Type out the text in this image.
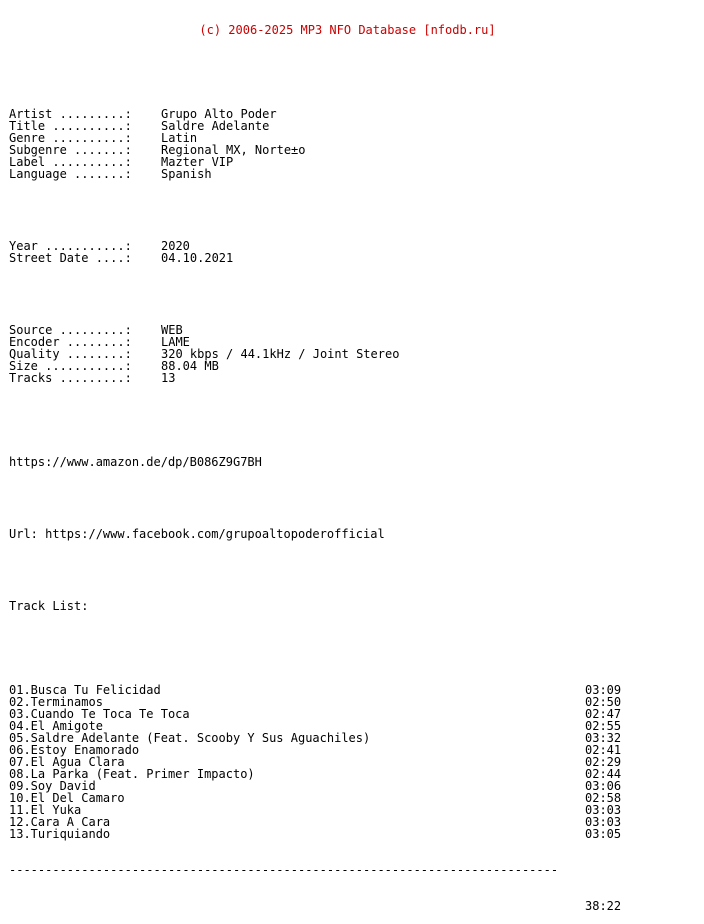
(c) 2006-2025 MP3 NFO Database [nfodb.ru]

Artist .........:	Grupo Alto Poder
Title ..........:	Saldre Adelante
Genre ..........:	Latin
Subgenre .......:	Regional MX, Norte±o
Label ..........:	Mazter VIP
Language .......:	Spanish

Year ...........:	2020
Street Date ....:	04.10.2021

Source .........:	WEB
Encoder ........:	LAME
Quality ........:	320 kbps / 44.1kHz / Joint Stereo
Size ...........:	88.04 MB
Tracks .........:	13

https://www.amazon.de/dp/B086Z9G7BH

Url: https://www.facebook.com/grupoaltopoderofficial

Track List:

01.Busca Tu Felicidad	03:09
02.Terminamos	02:50
03.Cuando Te Toca Te Toca	02:47
04.El Amigote	02:55
05.Saldre Adelante (Feat. Scooby Y Sus Aguachiles)	03:32
06.Estoy Enamorado	02:41
07.El Agua Clara	02:29
08.La Parka (Feat. Primer Impacto)	02:44
09.Soy David	03:06
10.El Del Camaro	02:58
11.El Yuka	03:03
12.Cara A Cara	03:03
13.Turiquiando	03:05

----------------------------------------------------------------------------

38:22
